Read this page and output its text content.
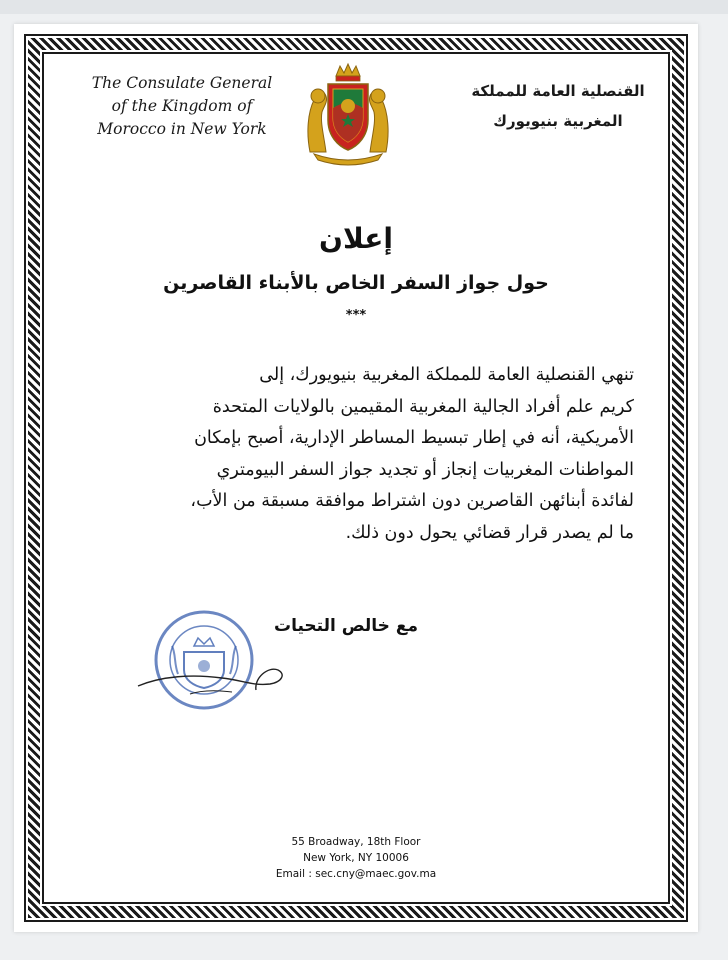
The Consulate General
of the Kingdom of
Morocco in New York
القنصلية العامة للمملكة
المغربية بنيويورك
إعلان
حول جواز السفر الخاص بالأبناء القاصرين
***
تنهي القنصلية العامة للمملكة المغربية بنيويورك، إلى
كريم علم أفراد الجالية المغربية المقيمين بالولايات المتحدة
الأمريكية، أنه في إطار تبسيط المساطر الإدارية، أصبح بإمكان
المواطنات المغربيات إنجاز أو تجديد جواز السفر البيومتري
لفائدة أبنائهن القاصرين دون اشتراط موافقة مسبقة من الأب،
ما لم يصدر قرار قضائي يحول دون ذلك.
مع خالص التحيات
55 Broadway, 18th Floor
New York, NY 10006
Email : sec.cny@maec.gov.ma
